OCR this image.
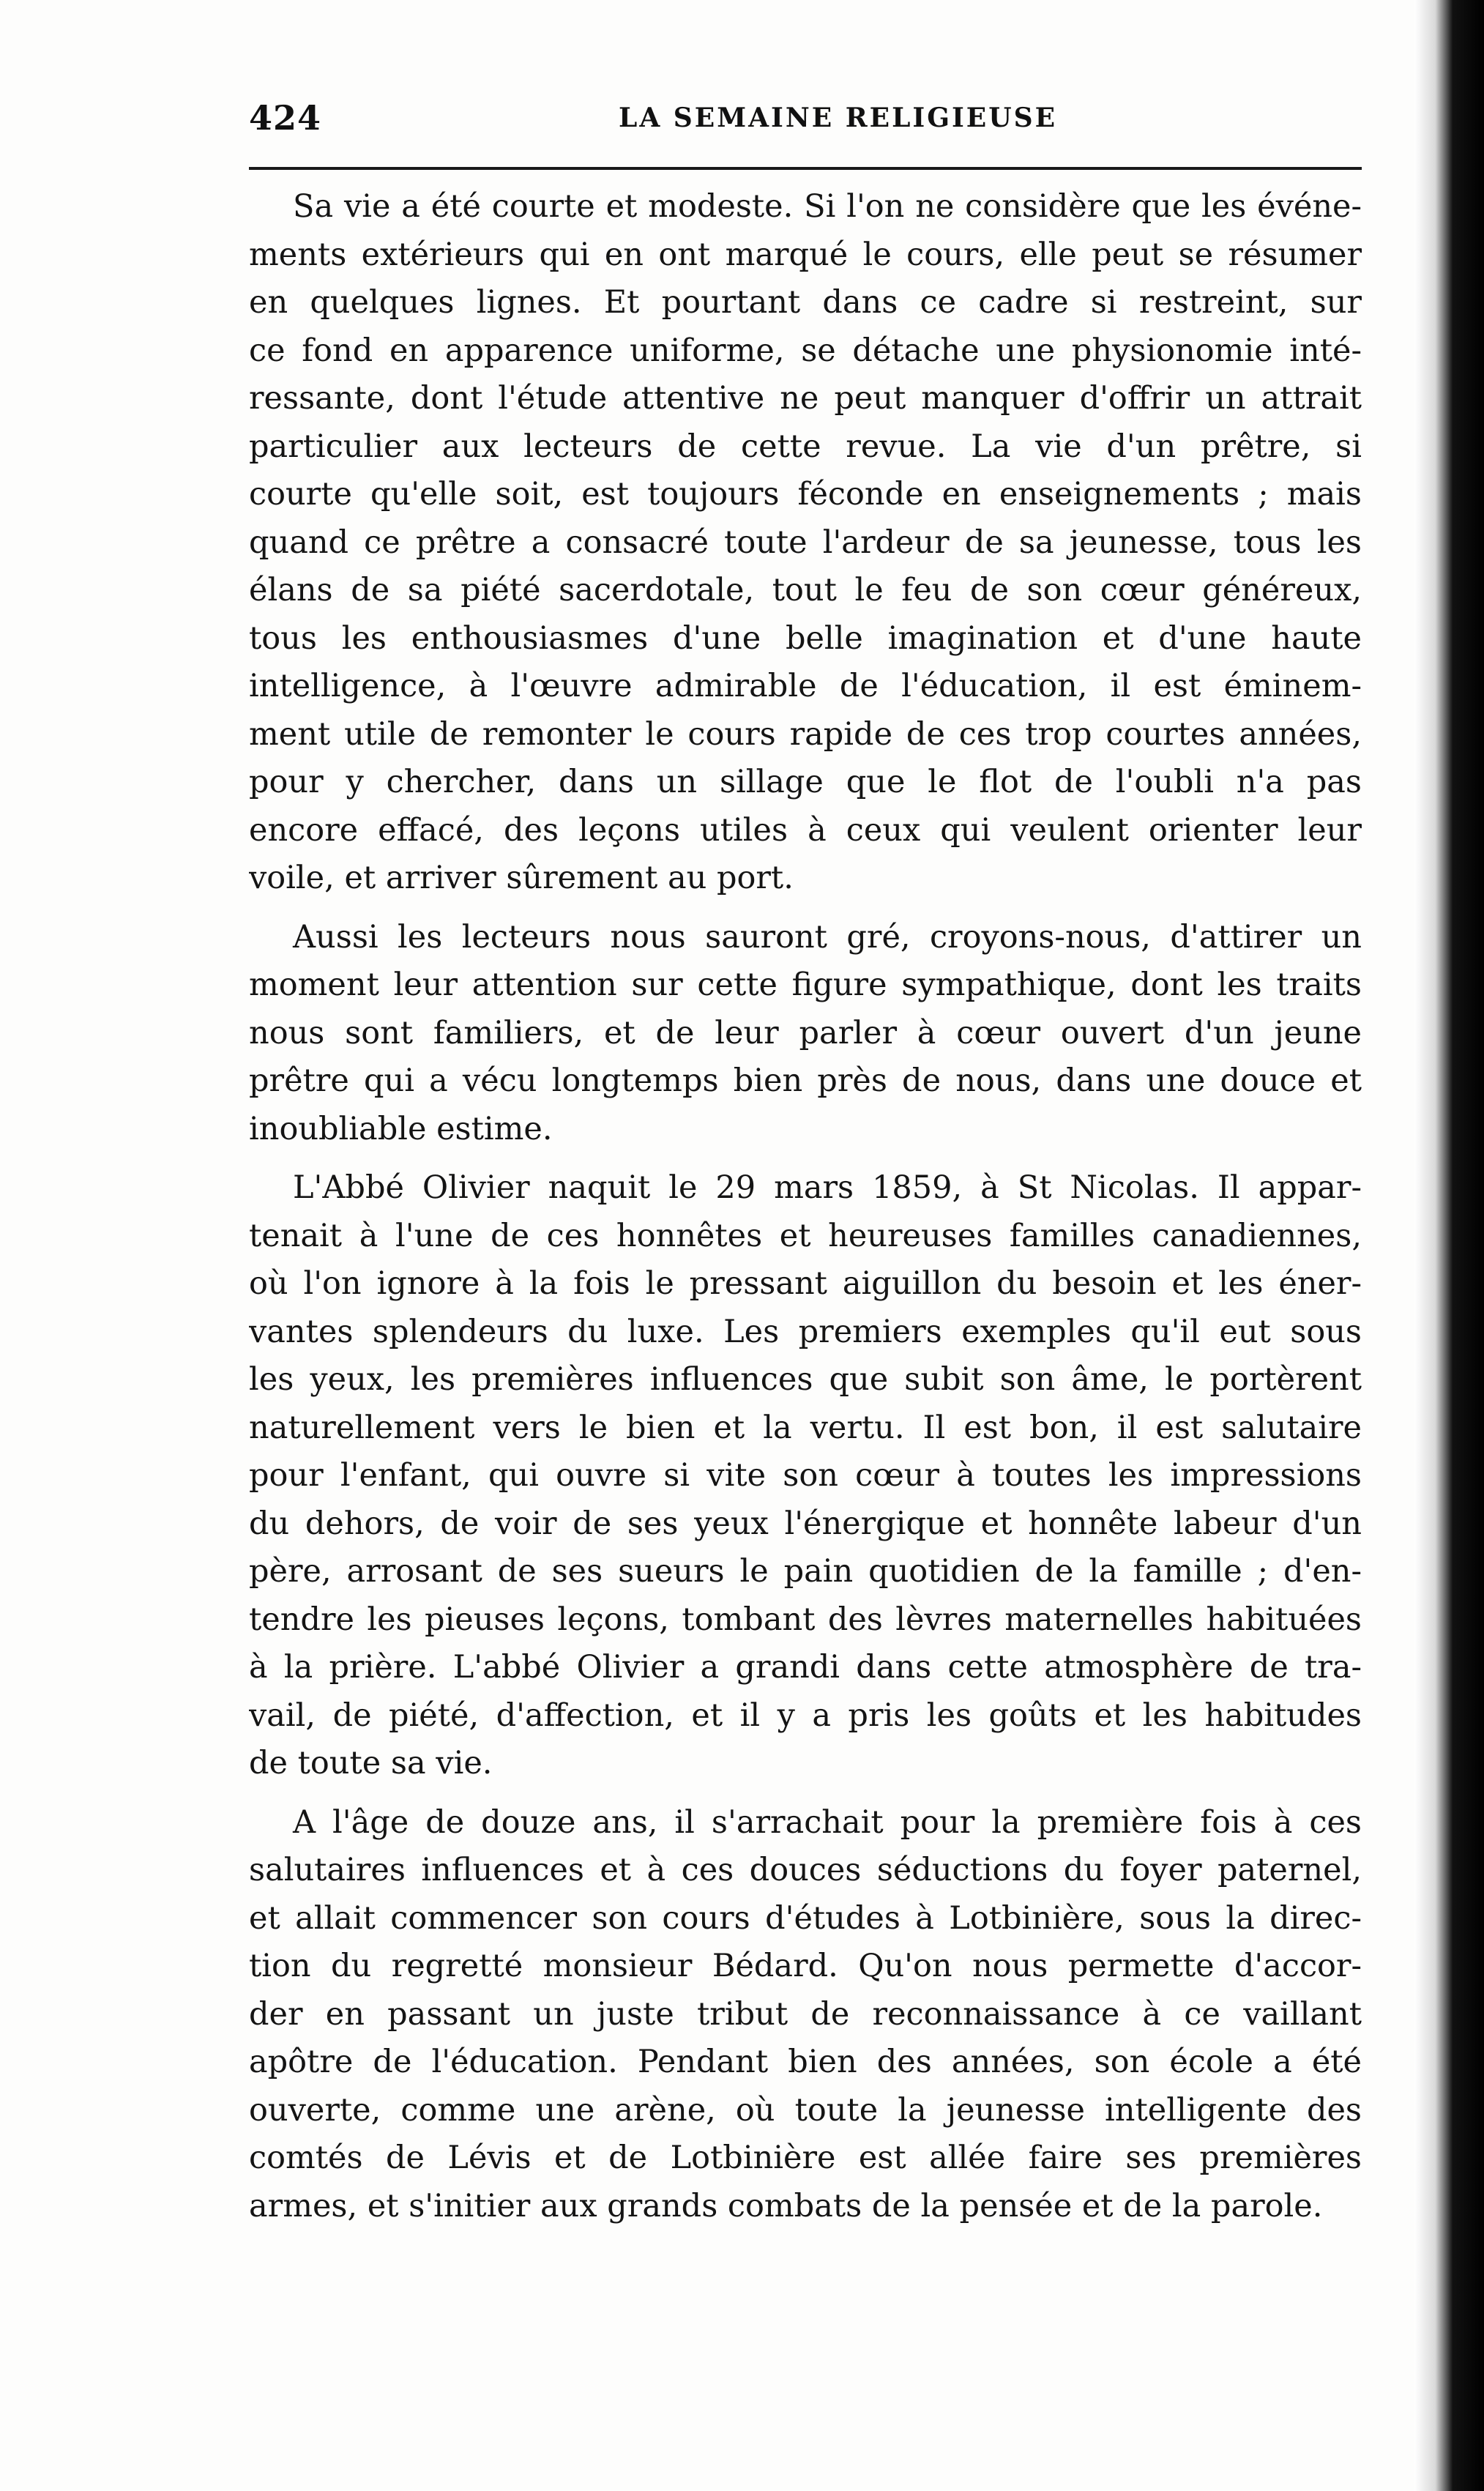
424	LA SEMAINE RELIGIEUSE
Sa vie a été courte et modeste. Si l'on ne considère que les événe-
ments extérieurs qui en ont marqué le cours, elle peut se résumer
en quelques lignes. Et pourtant dans ce cadre si restreint, sur
ce fond en apparence uniforme, se détache une physionomie inté-
ressante, dont l'étude attentive ne peut manquer d'offrir un attrait
particulier aux lecteurs de cette revue. La vie d'un prêtre, si
courte qu'elle soit, est toujours féconde en enseignements ; mais
quand ce prêtre a consacré toute l'ardeur de sa jeunesse, tous les
élans de sa piété sacerdotale, tout le feu de son cœur généreux,
tous les enthousiasmes d'une belle imagination et d'une haute
intelligence, à l'œuvre admirable de l'éducation, il est éminem-
ment utile de remonter le cours rapide de ces trop courtes années,
pour y chercher, dans un sillage que le flot de l'oubli n'a pas
encore effacé, des leçons utiles à ceux qui veulent orienter leur
voile, et arriver sûrement au port.
Aussi les lecteurs nous sauront gré, croyons-nous, d'attirer un
moment leur attention sur cette figure sympathique, dont les traits
nous sont familiers, et de leur parler à cœur ouvert d'un jeune
prêtre qui a vécu longtemps bien près de nous, dans une douce et
inoubliable estime.
L'Abbé Olivier naquit le 29 mars 1859, à St Nicolas. Il appar-
tenait à l'une de ces honnêtes et heureuses familles canadiennes,
où l'on ignore à la fois le pressant aiguillon du besoin et les éner-
vantes splendeurs du luxe. Les premiers exemples qu'il eut sous
les yeux, les premières influences que subit son âme, le portèrent
naturellement vers le bien et la vertu. Il est bon, il est salutaire
pour l'enfant, qui ouvre si vite son cœur à toutes les impressions
du dehors, de voir de ses yeux l'énergique et honnête labeur d'un
père, arrosant de ses sueurs le pain quotidien de la famille ; d'en-
tendre les pieuses leçons, tombant des lèvres maternelles habituées
à la prière. L'abbé Olivier a grandi dans cette atmosphère de tra-
vail, de piété, d'affection, et il y a pris les goûts et les habitudes
de toute sa vie.
A l'âge de douze ans, il s'arrachait pour la première fois à ces
salutaires influences et à ces douces séductions du foyer paternel,
et allait commencer son cours d'études à Lotbinière, sous la direc-
tion du regretté monsieur Bédard. Qu'on nous permette d'accor-
der en passant un juste tribut de reconnaissance à ce vaillant
apôtre de l'éducation. Pendant bien des années, son école a été
ouverte, comme une arène, où toute la jeunesse intelligente des
comtés de Lévis et de Lotbinière est allée faire ses premières
armes, et s'initier aux grands combats de la pensée et de la parole.
